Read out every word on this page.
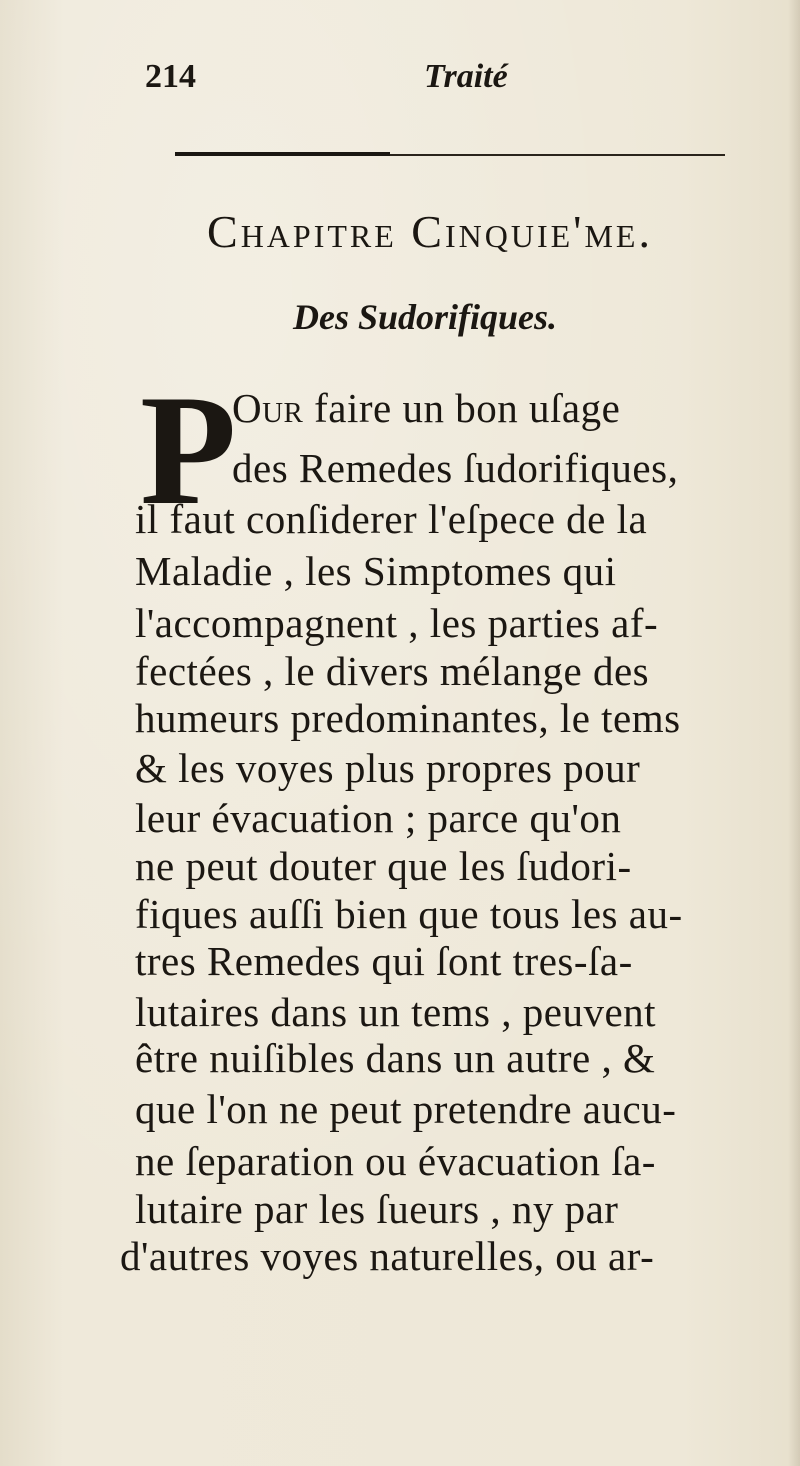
214	Traité
Chapitre Cinquie'me.
Des Sudorifiques.
P
Our faire un bon uſage
des Remedes ſudorifiques,
il faut conſiderer l'eſpece de la
Maladie , les Simptomes qui
l'accompagnent , les parties af-
fectées , le divers mélange des
humeurs predominantes, le tems
& les voyes plus propres pour
leur évacuation ; parce qu'on
ne peut douter que les ſudori-
fiques auſſi bien que tous les au-
tres Remedes qui ſont tres-ſa-
lutaires dans un tems , peuvent
être nuiſibles dans un autre , &
que l'on ne peut pretendre aucu-
ne ſeparation ou évacuation ſa-
lutaire par les ſueurs , ny par
d'autres voyes naturelles, ou ar-
